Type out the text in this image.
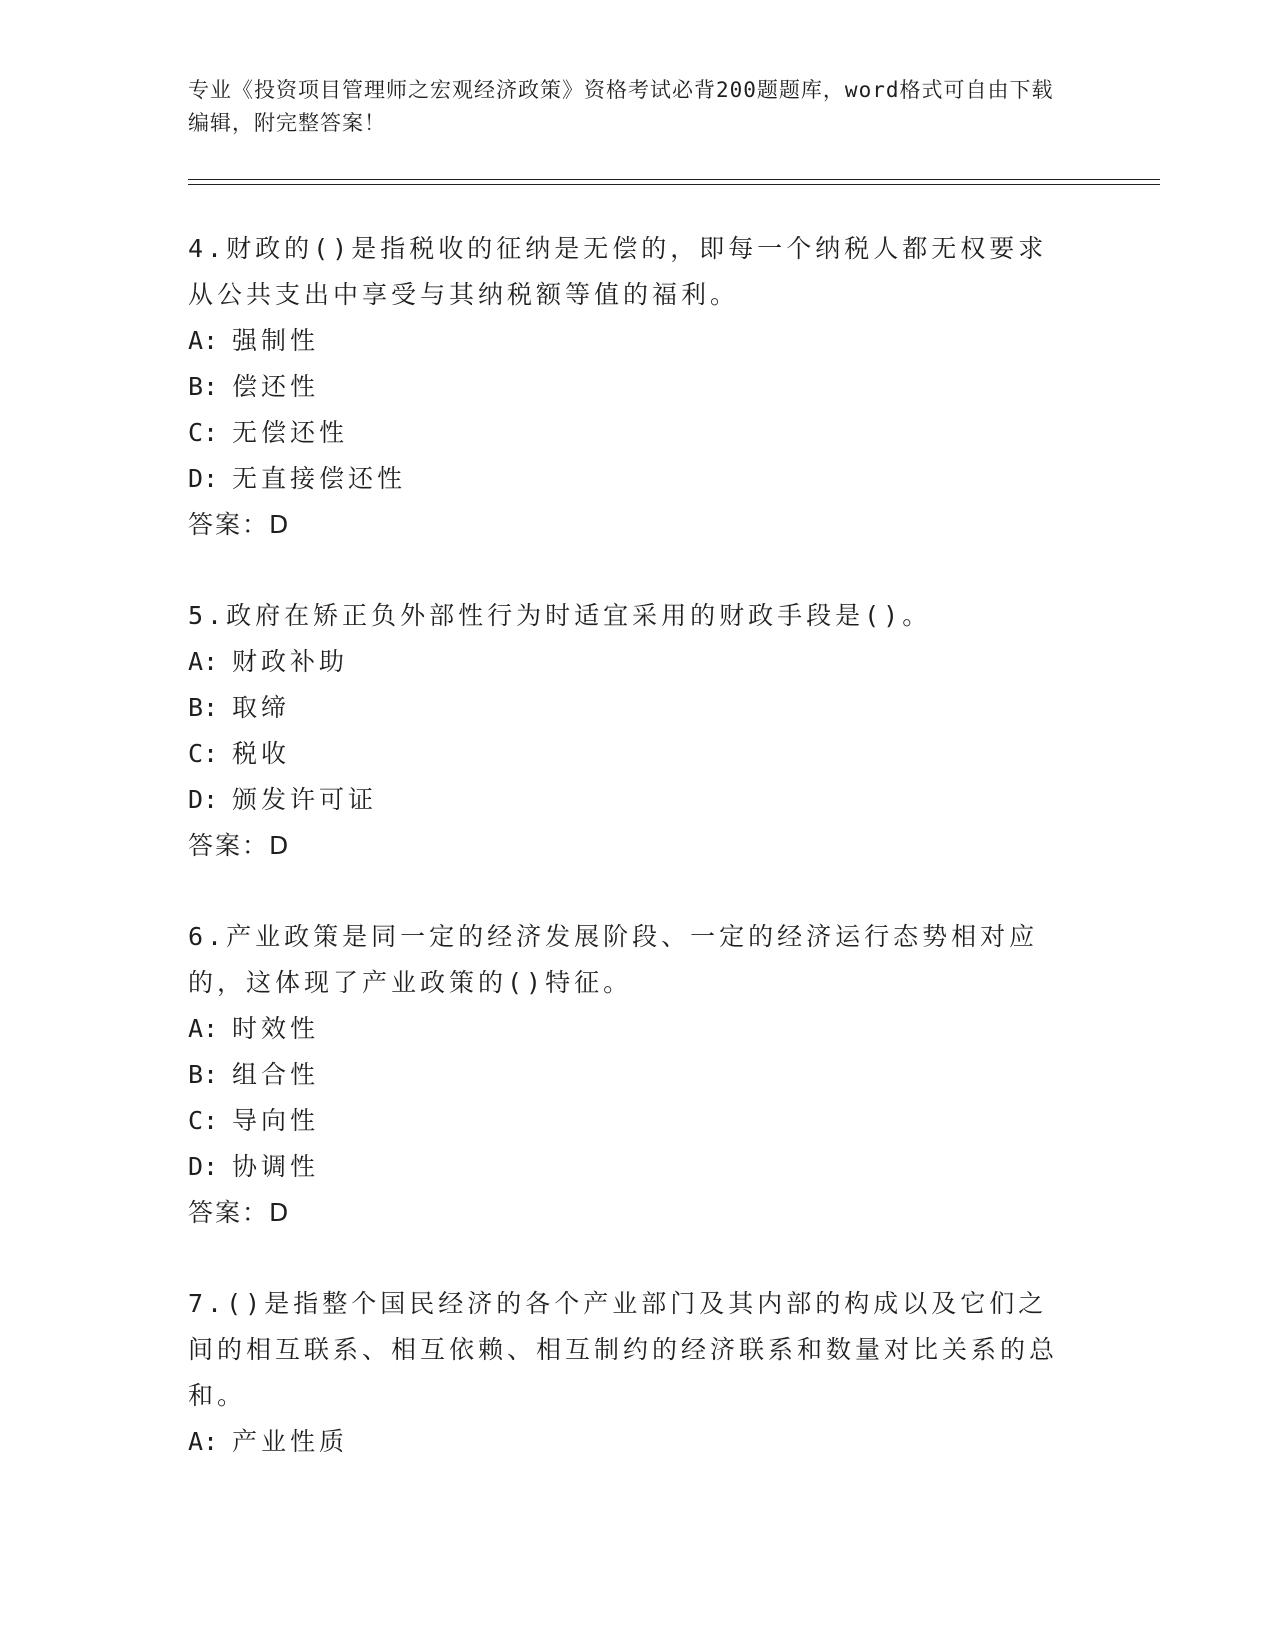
专业《投资项目管理师之宏观经济政策》资格考试必背200题题库，word格式可自由下载编辑，附完整答案！

4.财政的()是指税收的征纳是无偿的，即每一个纳税人都无权要求从公共支出中享受与其纳税额等值的福利。

A: 强制性

B: 偿还性

C: 无偿还性

D: 无直接偿还性

答案：D

5.政府在矫正负外部性行为时适宜采用的财政手段是()。

A: 财政补助

B: 取缔

C: 税收

D: 颁发许可证

答案：D

6.产业政策是同一定的经济发展阶段、一定的经济运行态势相对应的，这体现了产业政策的()特征。

A: 时效性

B: 组合性

C: 导向性

D: 协调性

答案：D

7.()是指整个国民经济的各个产业部门及其内部的构成以及它们之间的相互联系、相互依赖、相互制约的经济联系和数量对比关系的总和。

A: 产业性质
